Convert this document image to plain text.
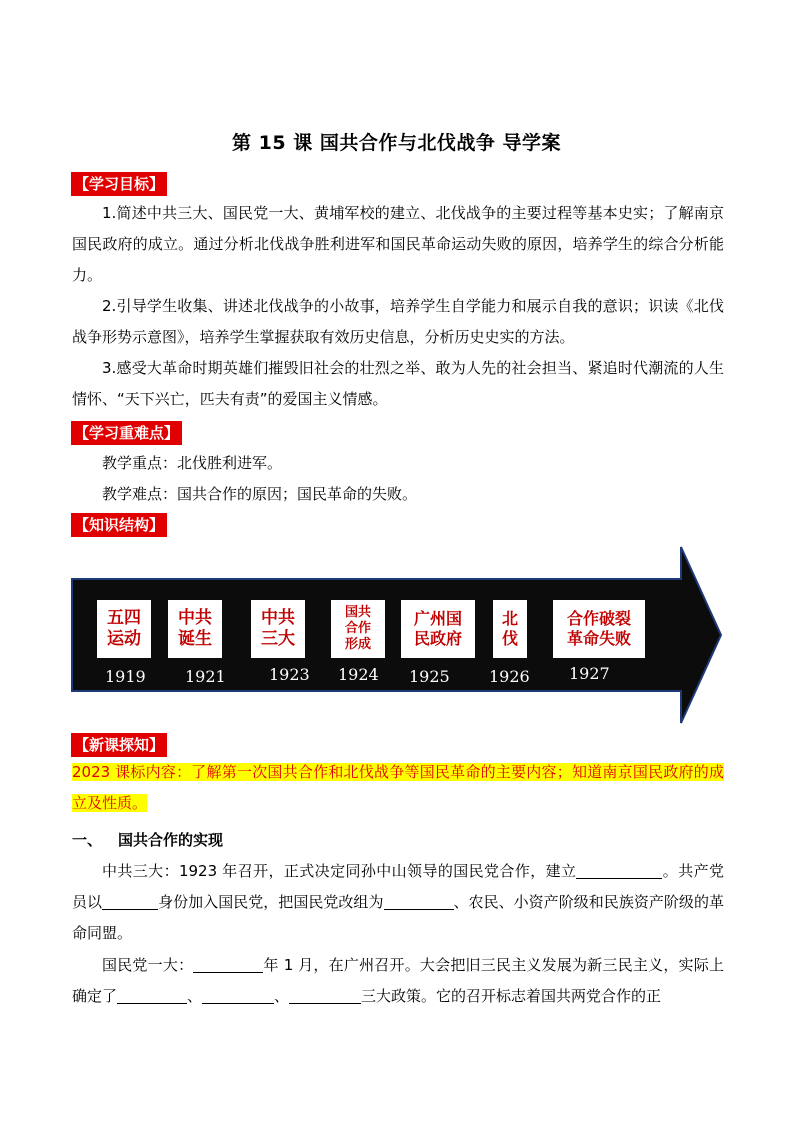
第 15 课 国共合作与北伐战争 导学案
【学习目标】

1.简述中共三大、国民党一大、黄埔军校的建立、北伐战争的主要过程等基本史实；了解南京国民政府的成立。通过分析北伐战争胜利进军和国民革命运动失败的原因，培养学生的综合分析能力。

2.引导学生收集、讲述北伐战争的小故事，培养学生自学能力和展示自我的意识；识读《北伐战争形势示意图》，培养学生掌握获取有效历史信息，分析历史史实的方法。

3.感受大革命时期英雄们摧毁旧社会的壮烈之举、敢为人先的社会担当、紧追时代潮流的人生情怀、“天下兴亡，匹夫有责”的爱国主义情感。

【学习重难点】

教学重点：北伐胜利进军。

教学难点：国共合作的原因；国民革命的失败。

【知识结构】
五四
运动
1919
中共
诞生
1921
中共
三大
1923
国共
合作
形成
1924
广州国
民政府
1925
北
伐
1926
合作破裂
革命失败
1927
【新课探知】

2023 课标内容：了解第一次国共合作和北伐战争等国民革命的主要内容；知道南京国民政府的成立及性质。

一、 国共合作的实现

中共三大：1923 年召开，正式决定同孙中山领导的国民党合作，建立	。共产党员以	身份加入国民党，把国民党改组为	、农民、小资产阶级和民族资产阶级的革命同盟。

国民党一大：	年 1 月，在广州召开。大会把旧三民主义发展为新三民主义，实际上确定了	、	、	三大政策。它的召开标志着国共两党合作的正
